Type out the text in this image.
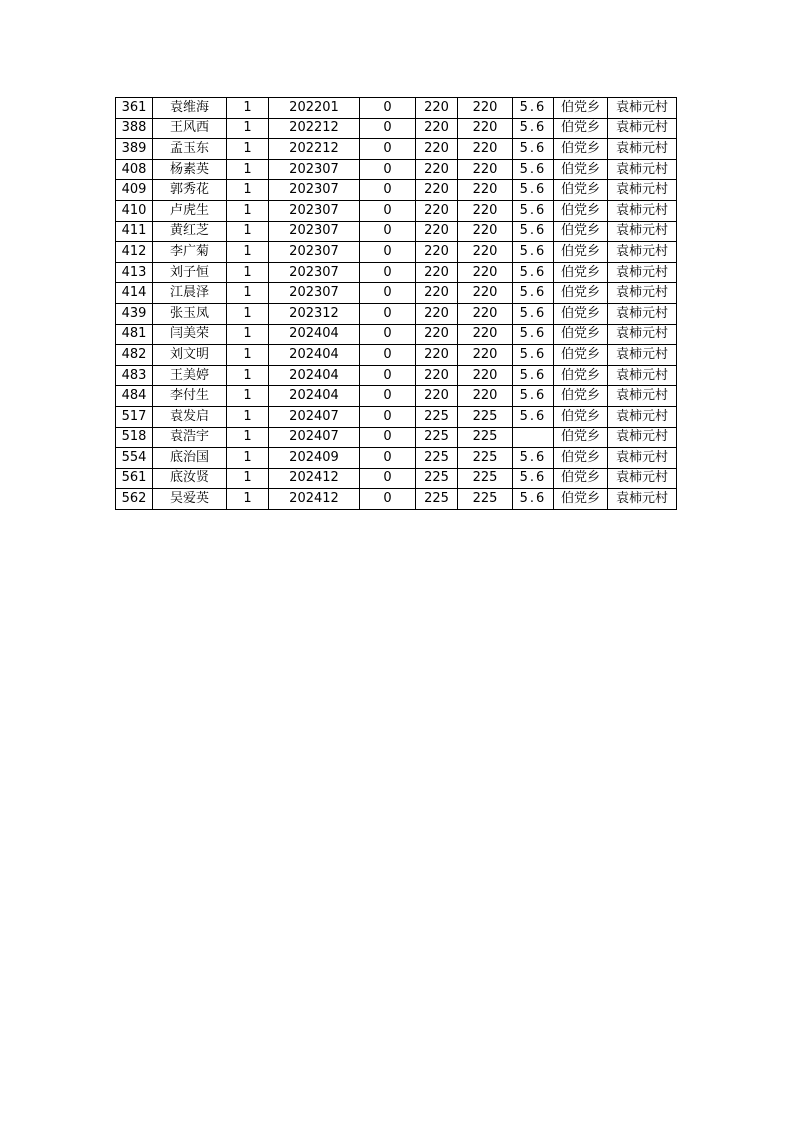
361	袁维海	1	202201	0	220	220	5.6	伯党乡	袁柿元村
388	王风西	1	202212	0	220	220	5.6	伯党乡	袁柿元村
389	孟玉东	1	202212	0	220	220	5.6	伯党乡	袁柿元村
408	杨素英	1	202307	0	220	220	5.6	伯党乡	袁柿元村
409	郭秀花	1	202307	0	220	220	5.6	伯党乡	袁柿元村
410	卢虎生	1	202307	0	220	220	5.6	伯党乡	袁柿元村
411	黄红芝	1	202307	0	220	220	5.6	伯党乡	袁柿元村
412	李广菊	1	202307	0	220	220	5.6	伯党乡	袁柿元村
413	刘子恒	1	202307	0	220	220	5.6	伯党乡	袁柿元村
414	江晨泽	1	202307	0	220	220	5.6	伯党乡	袁柿元村
439	张玉凤	1	202312	0	220	220	5.6	伯党乡	袁柿元村
481	闫美荣	1	202404	0	220	220	5.6	伯党乡	袁柿元村
482	刘文明	1	202404	0	220	220	5.6	伯党乡	袁柿元村
483	王美婷	1	202404	0	220	220	5.6	伯党乡	袁柿元村
484	李付生	1	202404	0	220	220	5.6	伯党乡	袁柿元村
517	袁发启	1	202407	0	225	225	5.6	伯党乡	袁柿元村
518	袁浩宇	1	202407	0	225	225		伯党乡	袁柿元村
554	底治国	1	202409	0	225	225	5.6	伯党乡	袁柿元村
561	底汝贤	1	202412	0	225	225	5.6	伯党乡	袁柿元村
562	吴爱英	1	202412	0	225	225	5.6	伯党乡	袁柿元村
